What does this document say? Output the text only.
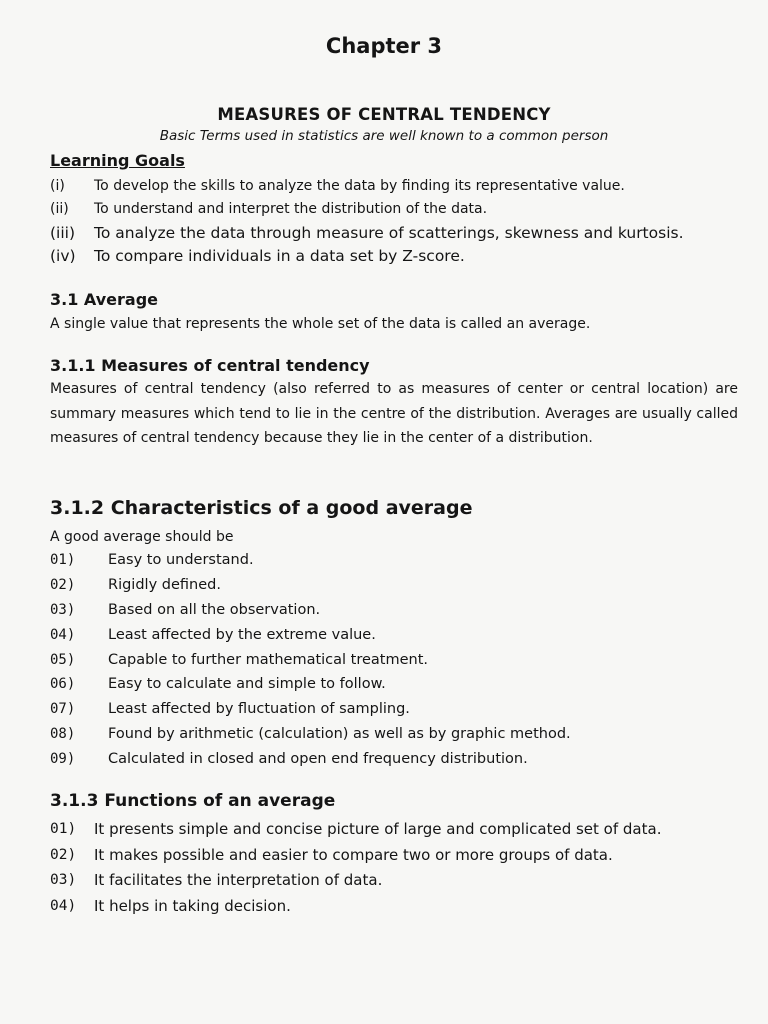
Chapter 3
MEASURES OF CENTRAL TENDENCY
Basic Terms used in statistics are well known to a common person
Learning Goals
(i)	To develop the skills to analyze the data by finding its representative value.
(ii)	To understand and interpret the distribution of the data.
(iii)	To analyze the data through measure of scatterings, skewness and kurtosis.
(iv)	To compare individuals in a data set by Z-score.
3.1 Average
A single value that represents the whole set of the data is called an average.
3.1.1 Measures of central tendency
Measures of central tendency (also referred to as measures of center or central location) are summary measures which tend to lie in the centre of the distribution. Averages are usually called measures of central tendency because they lie in the center of a distribution.
3.1.2 Characteristics of a good average
A good average should be
01)	Easy to understand.
02)	Rigidly defined.
03)	Based on all the observation.
04)	Least affected by the extreme value.
05)	Capable to further mathematical treatment.
06)	Easy to calculate and simple to follow.
07)	Least affected by fluctuation of sampling.
08)	Found by arithmetic (calculation) as well as by graphic method.
09)	Calculated in closed and open end frequency distribution.
3.1.3 Functions of an average
01)	It presents simple and concise picture of large and complicated set of data.
02)	It makes possible and easier to compare two or more groups of data.
03)	It facilitates the interpretation of data.
04)	It helps in taking decision.
